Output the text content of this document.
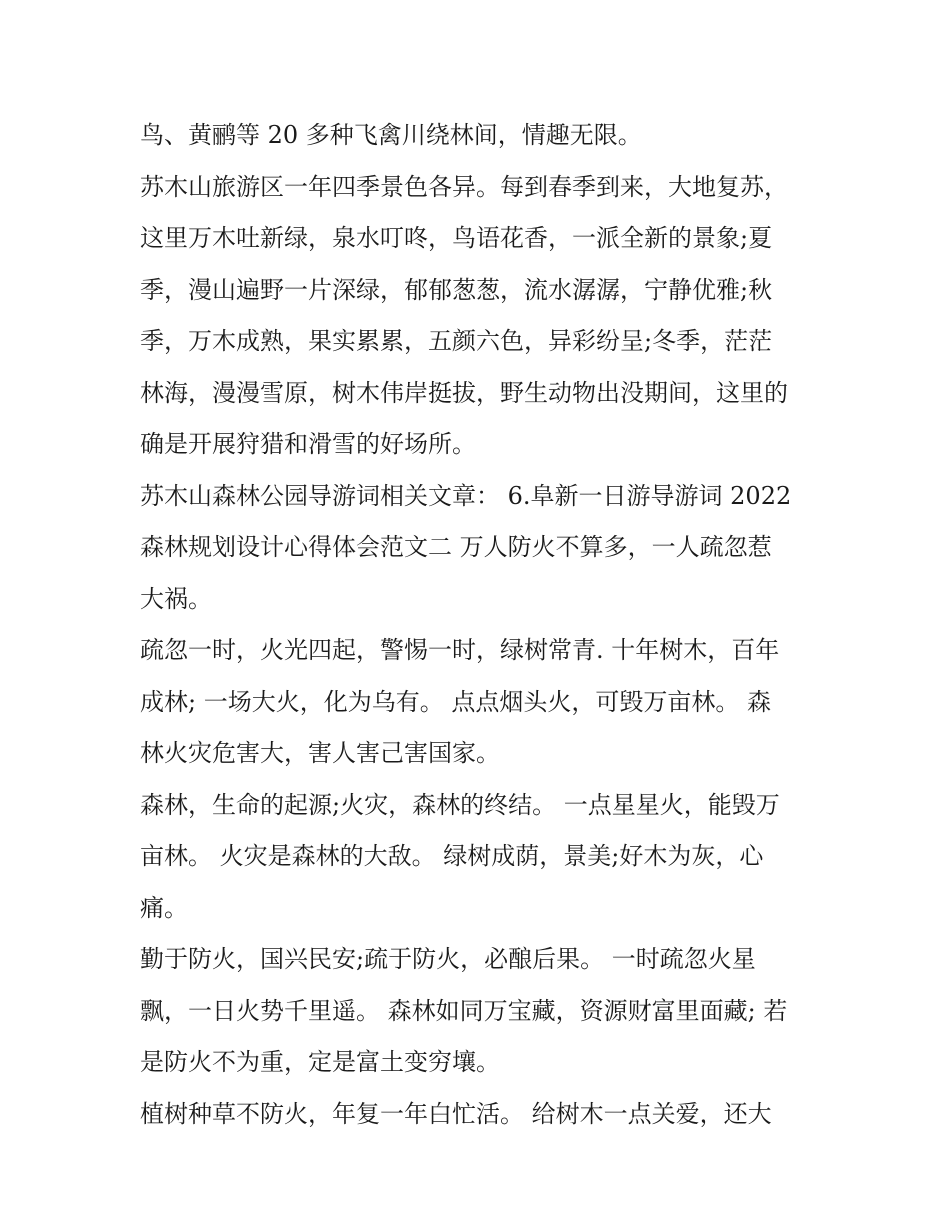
鸟、黄鹂等 20 多种飞禽川绕林间，情趣无限。
苏木山旅游区一年四季景色各异。每到春季到来，大地复苏，
这里万木吐新绿，泉水叮咚，鸟语花香，一派全新的景象;夏
季，漫山遍野一片深绿，郁郁葱葱，流水潺潺，宁静优雅;秋
季，万木成熟，果实累累，五颜六色，异彩纷呈;冬季，茫茫
林海，漫漫雪原，树木伟岸挺拔，野生动物出没期间，这里的
确是开展狩猎和滑雪的好场所。
苏木山森林公园导游词相关文章： 6.阜新一日游导游词 2022
森林规划设计心得体会范文二 万人防火不算多，一人疏忽惹
大祸。
疏忽一时，火光四起，警惕一时，绿树常青. 十年树木，百年
成林; 一场大火，化为乌有。 点点烟头火，可毁万亩林。 森
林火灾危害大，害人害己害国家。
森林，生命的起源;火灾，森林的终结。 一点星星火，能毁万
亩林。 火灾是森林的大敌。 绿树成荫，景美;好木为灰，心
痛。
勤于防火，国兴民安;疏于防火，必酿后果。 一时疏忽火星
飘，一日火势千里遥。 森林如同万宝藏，资源财富里面藏; 若
是防火不为重，定是富土变穷壤。
植树种草不防火，年复一年白忙活。 给树木一点关爱，还大
